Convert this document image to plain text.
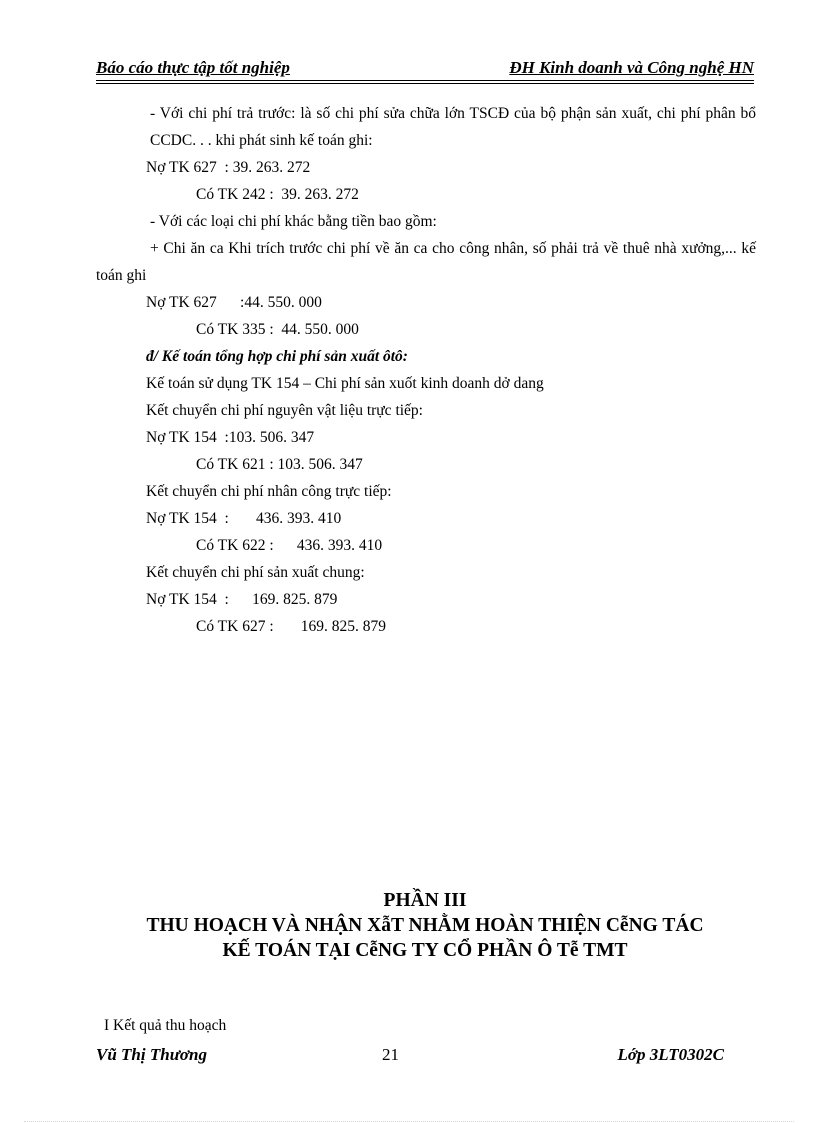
Báo cáo thực tập tốt nghiệp	ĐH Kinh doanh và Công nghệ HN

- Với chi phí trả trước: là số chi phí sửa chữa lớn TSCĐ của bộ phận sản xuất, chi phí phân bổ CCDC. . . khi phát sinh kế toán ghi:

Nợ TK 627  : 39. 263. 272

Có TK 242 :  39. 263. 272

- Với các loại chi phí khác bằng tiền bao gồm:

+ Chi ăn ca Khi trích trước chi phí về ăn ca cho công nhân, số phải trả về thuê nhà xưởng,... kế toán ghi

Nợ TK 627      :44. 550. 000

Có TK 335 :  44. 550. 000

đ/ Kế toán tổng hợp chi phí sản xuất ôtô:

Kế toán sử dụng TK 154 – Chi phí sản xuốt kinh doanh dở dang

Kết chuyển chi phí nguyên vật liệu trực tiếp:

Nợ TK 154  :103. 506. 347

Có TK 621 : 103. 506. 347

Kết chuyển chi phí nhân công trực tiếp:

Nợ TK 154  :       436. 393. 410

Có TK 622 :      436. 393. 410

Kết chuyển chi phí sản xuất chung:

Nợ TK 154  :      169. 825. 879

Có TK 627 :       169. 825. 879

PHẦN III
THU HOẠCH VÀ NHẬN XẫT NHẰM HOÀN THIỆN CễNG TÁC
KẾ TOÁN TẠI CễNG TY CỔ PHẦN Ô Tễ TMT
I Kết quả thu hoạch
Vũ Thị Thương	21	Lớp 3LT0302C
